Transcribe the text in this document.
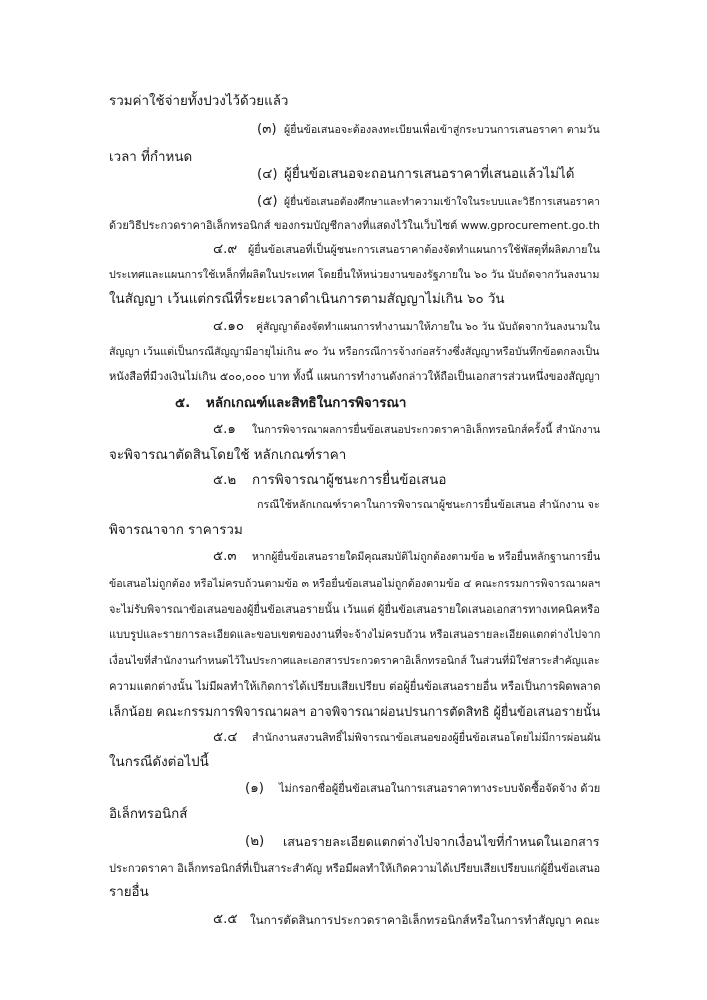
รวมค่าใช้จ่ายทั้งปวงไว้ด้วยแล้ว
(๓) ผู้ยื่นข้อเสนอจะต้องลงทะเบียนเพื่อเข้าสู่กระบวนการเสนอราคา ตามวัน
เวลา ที่กำหนด
(๔) ผู้ยื่นข้อเสนอจะถอนการเสนอราคาที่เสนอแล้วไม่ได้
(๕) ผู้ยื่นข้อเสนอต้องศึกษาและทำความเข้าใจในระบบและวิธีการเสนอราคา
ด้วยวิธีประกวดราคาอิเล็กทรอนิกส์ ของกรมบัญชีกลางที่แสดงไว้ในเว็บไซต์ www.gprocurement.go.th
๔.๙ ผู้ยื่นข้อเสนอที่เป็นผู้ชนะการเสนอราคาต้องจัดทำแผนการใช้พัสดุที่ผลิตภายใน
ประเทศและแผนการใช้เหล็กที่ผลิตในประเทศ โดยยื่นให้หน่วยงานของรัฐภายใน ๖๐ วัน นับถัดจากวันลงนาม
ในสัญญา เว้นแต่กรณีที่ระยะเวลาดำเนินการตามสัญญาไม่เกิน ๖๐ วัน
๔.๑๐ คู่สัญญาต้องจัดทำแผนการทำงานมาให้ภายใน ๖๐ วัน นับถัดจากวันลงนามใน
สัญญา เว้นแต่เป็นกรณีสัญญามีอายุไม่เกิน ๙๐ วัน หรือกรณีการจ้างก่อสร้างซึ่งสัญญาหรือบันทึกข้อตกลงเป็น
หนังสือที่มีวงเงินไม่เกิน ๕๐๐,๐๐๐ บาท ทั้งนี้ แผนการทำงานดังกล่าวให้ถือเป็นเอกสารส่วนหนึ่งของสัญญา
๕. หลักเกณฑ์และสิทธิในการพิจารณา
๕.๑ ในการพิจารณาผลการยื่นข้อเสนอประกวดราคาอิเล็กทรอนิกส์ครั้งนี้ สำนักงาน
จะพิจารณาตัดสินโดยใช้ หลักเกณฑ์ราคา
๕.๒ การพิจารณาผู้ชนะการยื่นข้อเสนอ
กรณีใช้หลักเกณฑ์ราคาในการพิจารณาผู้ชนะการยื่นข้อเสนอ สำนักงาน จะ
พิจารณาจาก ราคารวม
๕.๓ หากผู้ยื่นข้อเสนอรายใดมีคุณสมบัติไม่ถูกต้องตามข้อ ๒ หรือยื่นหลักฐานการยื่น
ข้อเสนอไม่ถูกต้อง หรือไม่ครบถ้วนตามข้อ ๓ หรือยื่นข้อเสนอไม่ถูกต้องตามข้อ ๔ คณะกรรมการพิจารณาผลฯ
จะไม่รับพิจารณาข้อเสนอของผู้ยื่นข้อเสนอรายนั้น เว้นแต่ ผู้ยื่นข้อเสนอรายใดเสนอเอกสารทางเทคนิคหรือ
แบบรูปและรายการละเอียดและขอบเขตของงานที่จะจ้างไม่ครบถ้วน หรือเสนอรายละเอียดแตกต่างไปจาก
เงื่อนไขที่สำนักงานกำหนดไว้ในประกาศและเอกสารประกวดราคาอิเล็กทรอนิกส์ ในส่วนที่มิใช่สาระสำคัญและ
ความแตกต่างนั้น ไม่มีผลทำให้เกิดการได้เปรียบเสียเปรียบ ต่อผู้ยื่นข้อเสนอรายอื่น หรือเป็นการผิดพลาด
เล็กน้อย คณะกรรมการพิจารณาผลฯ อาจพิจารณาผ่อนปรนการตัดสิทธิ ผู้ยื่นข้อเสนอรายนั้น
๕.๔ สำนักงานสงวนสิทธิ์ไม่พิจารณาข้อเสนอของผู้ยื่นข้อเสนอโดยไม่มีการผ่อนผัน
ในกรณีดังต่อไปนี้
(๑) ไม่กรอกชื่อผู้ยื่นข้อเสนอในการเสนอราคาทางระบบจัดซื้อจัดจ้าง ด้วย
อิเล็กทรอนิกส์
(๒) เสนอรายละเอียดแตกต่างไปจากเงื่อนไขที่กำหนดในเอกสาร
ประกวดราคา อิเล็กทรอนิกส์ที่เป็นสาระสำคัญ หรือมีผลทำให้เกิดความได้เปรียบเสียเปรียบแก่ผู้ยื่นข้อเสนอ
รายอื่น
๕.๕ ในการตัดสินการประกวดราคาอิเล็กทรอนิกส์หรือในการทำสัญญา คณะ
